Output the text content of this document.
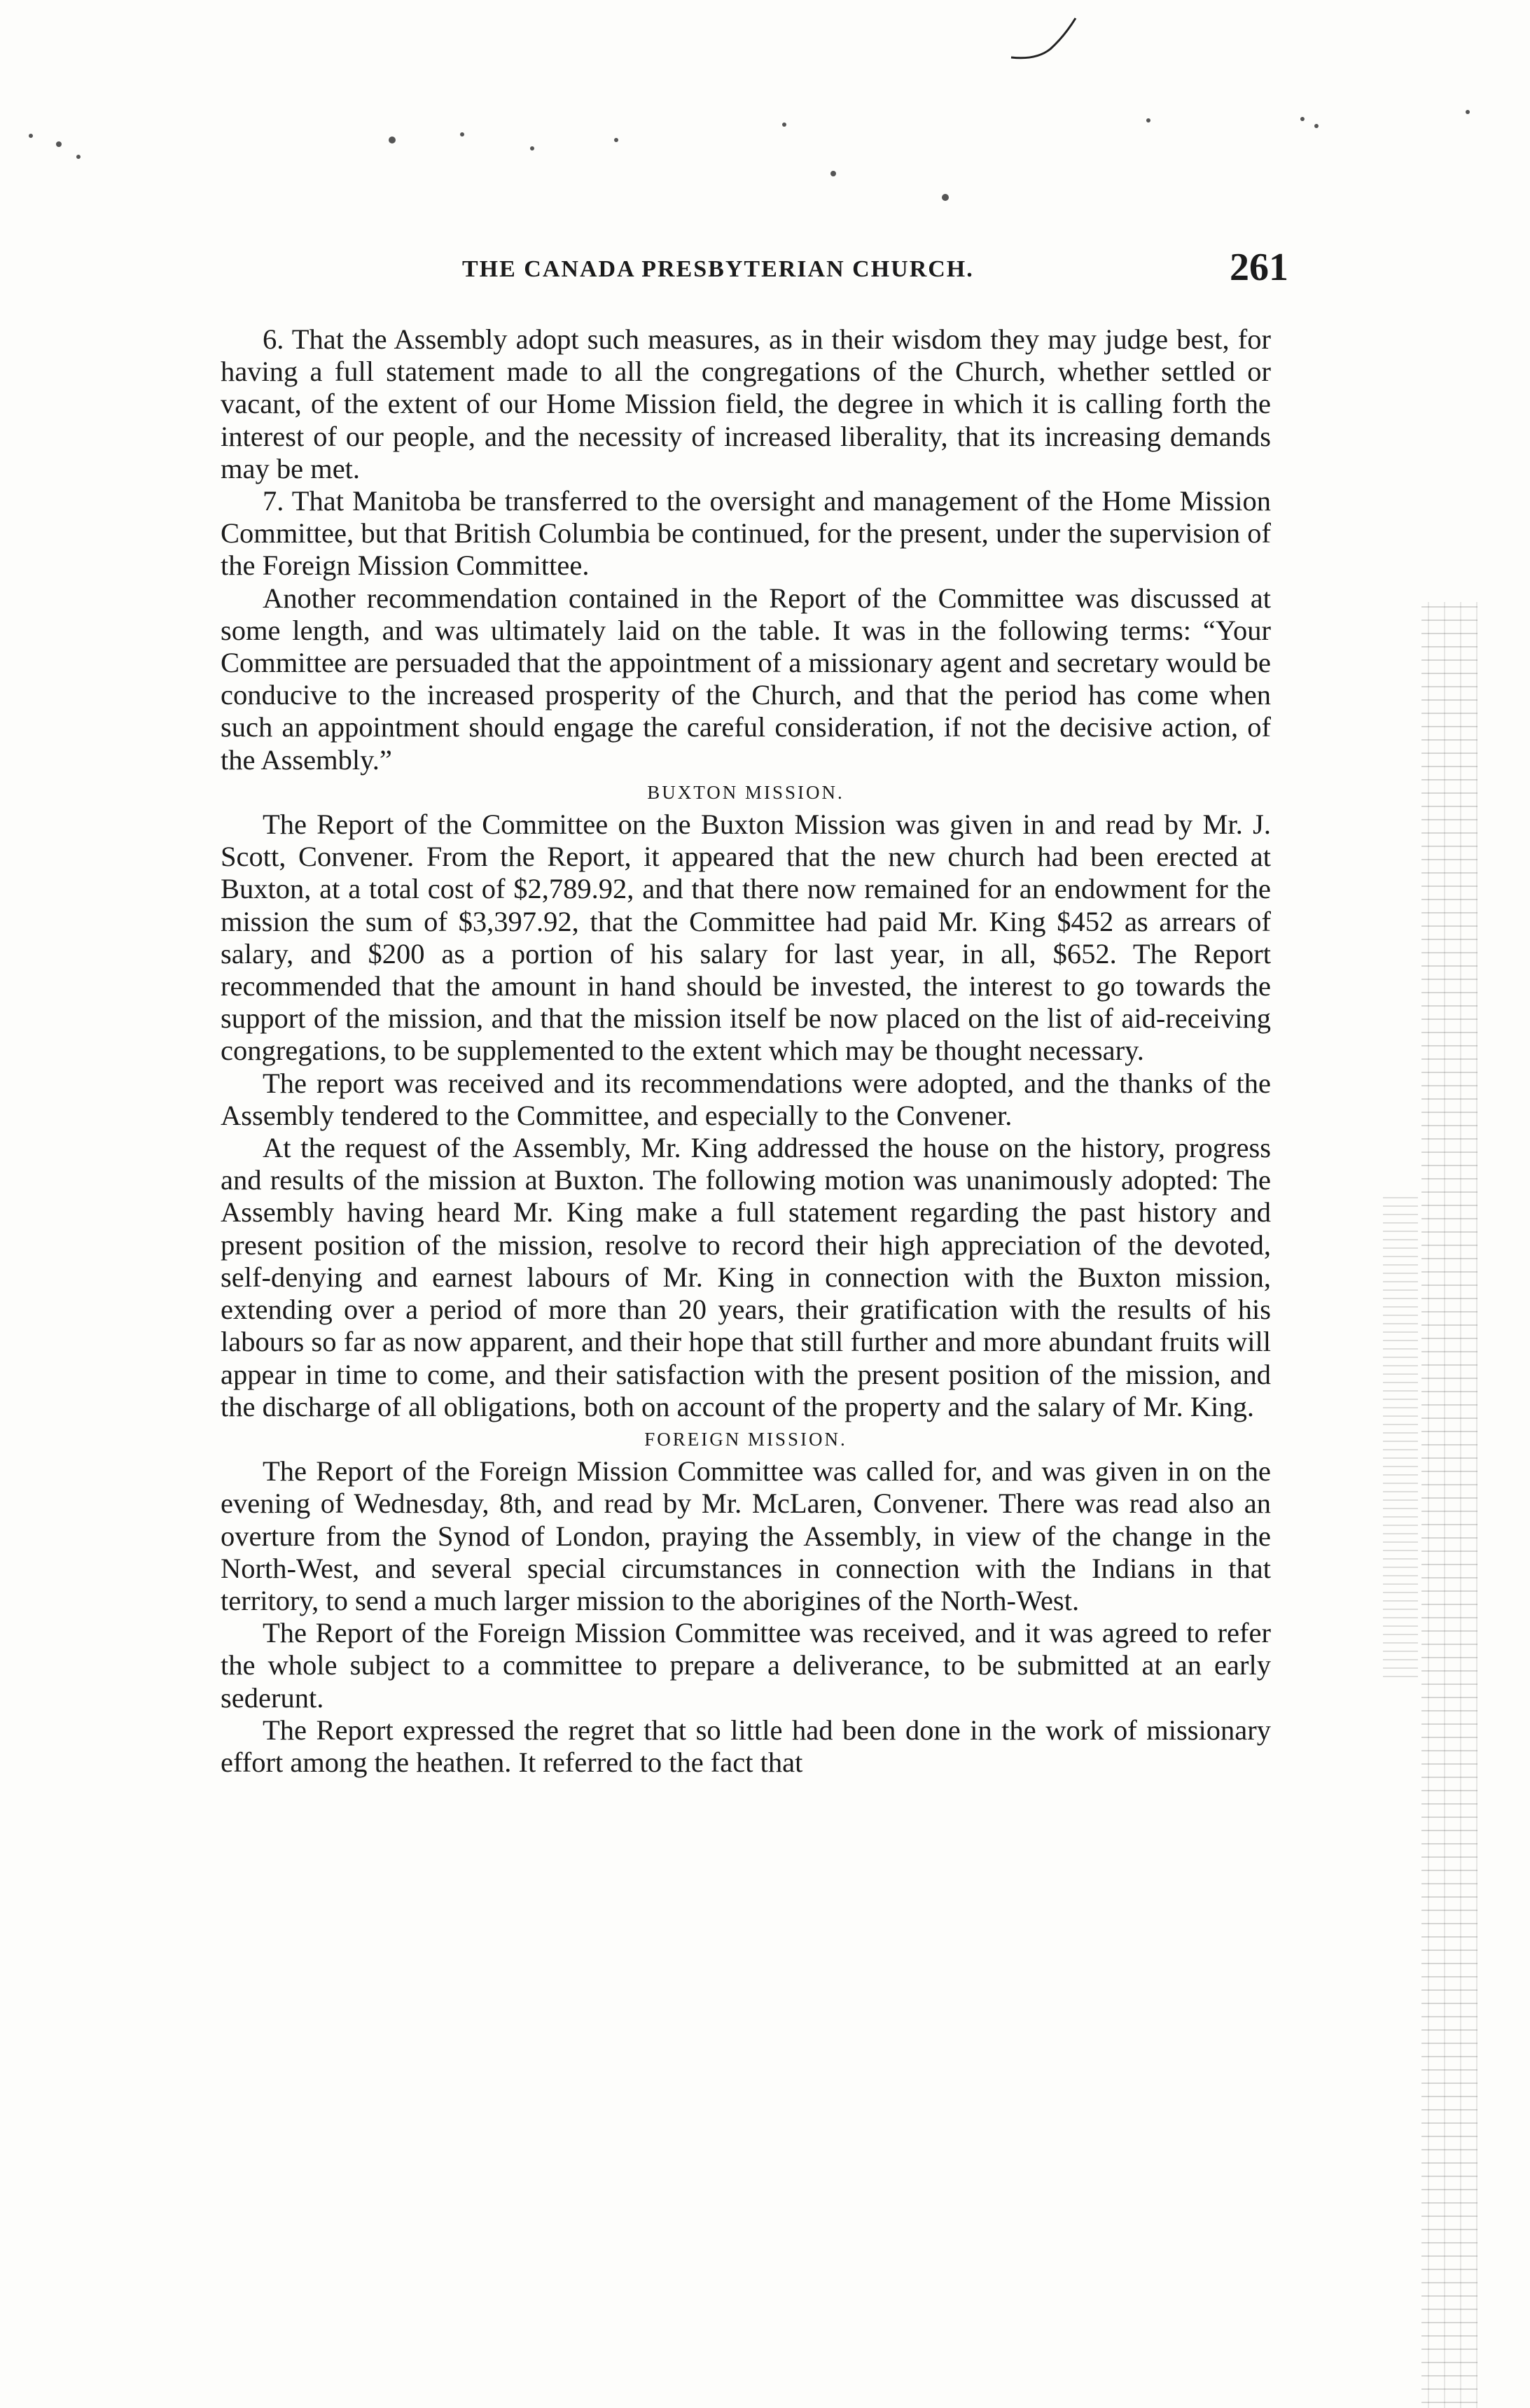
THE CANADA PRESBYTERIAN CHURCH.	261

6. That the Assembly adopt such measures, as in their wisdom they may judge best, for having a full statement made to all the congregations of the Church, whether settled or vacant, of the extent of our Home Mission field, the degree in which it is calling forth the interest of our people, and the necessity of increased liberality, that its increasing demands may be met.

7. That Manitoba be transferred to the oversight and management of the Home Mission Committee, but that British Columbia be continued, for the present, under the supervision of the Foreign Mission Committee.

Another recommendation contained in the Report of the Committee was discussed at some length, and was ultimately laid on the table. It was in the following terms: “Your Committee are persuaded that the appointment of a missionary agent and secretary would be conducive to the increased prosperity of the Church, and that the period has come when such an appointment should engage the careful consideration, if not the decisive action, of the Assembly.”

BUXTON MISSION.

The Report of the Committee on the Buxton Mission was given in and read by Mr. J. Scott, Convener. From the Report, it appeared that the new church had been erected at Buxton, at a total cost of $2,789.92, and that there now remained for an endowment for the mission the sum of $3,397.92, that the Committee had paid Mr. King $452 as arrears of salary, and $200 as a portion of his salary for last year, in all, $652. The Report recommended that the amount in hand should be invested, the interest to go towards the support of the mission, and that the mission itself be now placed on the list of aid-receiving congregations, to be supplemented to the extent which may be thought necessary.

The report was received and its recommendations were adopted, and the thanks of the Assembly tendered to the Committee, and especially to the Convener.

At the request of the Assembly, Mr. King addressed the house on the history, progress and results of the mission at Buxton. The following motion was unanimously adopted: The Assembly having heard Mr. King make a full statement regarding the past history and present position of the mission, resolve to record their high appreciation of the devoted, self-denying and earnest labours of Mr. King in connection with the Buxton mission, extending over a period of more than 20 years, their gratification with the results of his labours so far as now apparent, and their hope that still further and more abundant fruits will appear in time to come, and their satisfaction with the present position of the mission, and the discharge of all obligations, both on account of the property and the salary of Mr. King.

FOREIGN MISSION.

The Report of the Foreign Mission Committee was called for, and was given in on the evening of Wednesday, 8th, and read by Mr. McLaren, Convener. There was read also an overture from the Synod of London, praying the Assembly, in view of the change in the North-West, and several special circumstances in connection with the Indians in that territory, to send a much larger mission to the aborigines of the North-West.

The Report of the Foreign Mission Committee was received, and it was agreed to refer the whole subject to a committee to prepare a deliverance, to be submitted at an early sederunt.

The Report expressed the regret that so little had been done in the work of missionary effort among the heathen. It referred to the fact that
